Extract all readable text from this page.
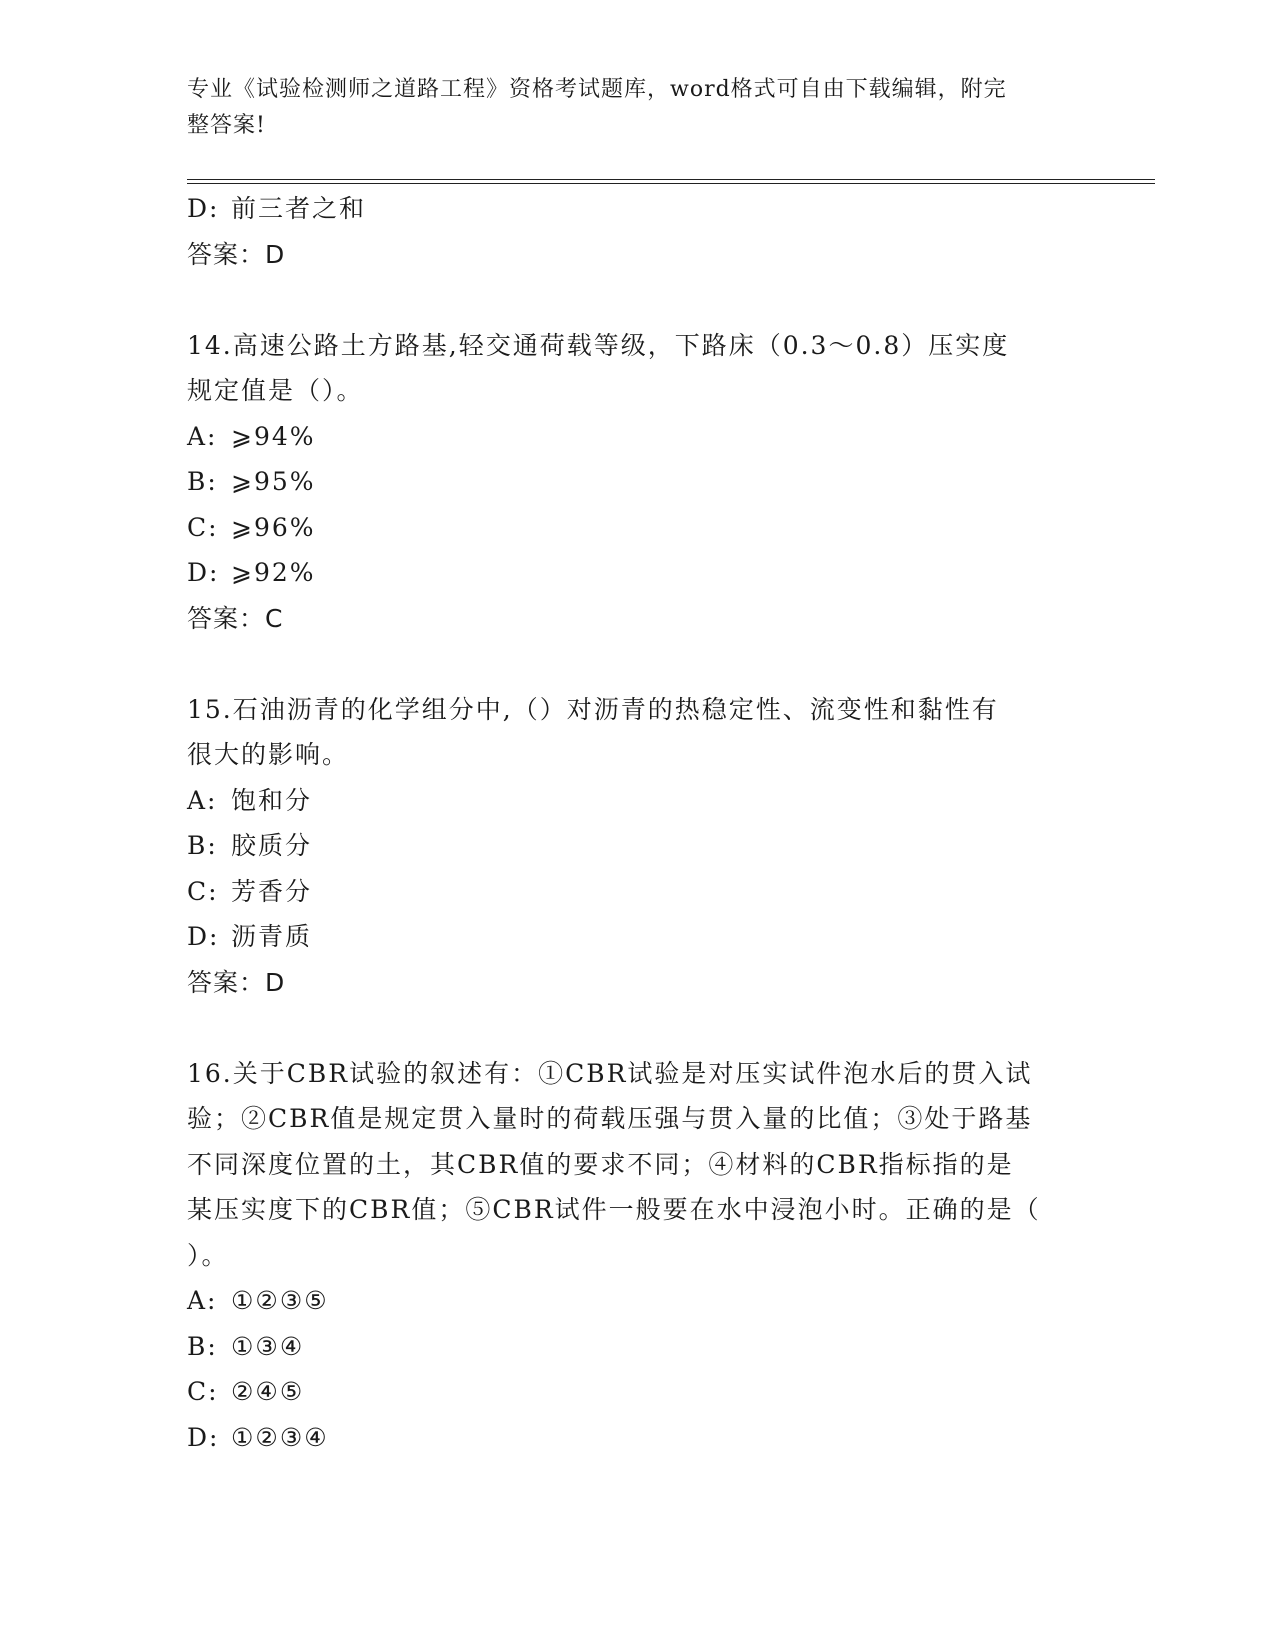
专业《试验检测师之道路工程》资格考试题库，word格式可自由下载编辑，附完
整答案!
D: 前三者之和
答案：D
14.高速公路土方路基,轻交通荷载等级，下路床（0.3～0.8）压实度
规定值是（）。
A: ⩾94%
B: ⩾95%
C: ⩾96%
D: ⩾92%
答案：C
15.石油沥青的化学组分中,（）对沥青的热稳定性、流变性和黏性有
很大的影响。
A: 饱和分
B: 胶质分
C: 芳香分
D: 沥青质
答案：D
16.关于CBR试验的叙述有：①CBR试验是对压实试件泡水后的贯入试
验；②CBR值是规定贯入量时的荷载压强与贯入量的比值；③处于路基
不同深度位置的土，其CBR值的要求不同；④材料的CBR指标指的是
某压实度下的CBR值；⑤CBR试件一般要在水中浸泡小时。正确的是（
）。
A: ①②③⑤
B: ①③④
C: ②④⑤
D: ①②③④
